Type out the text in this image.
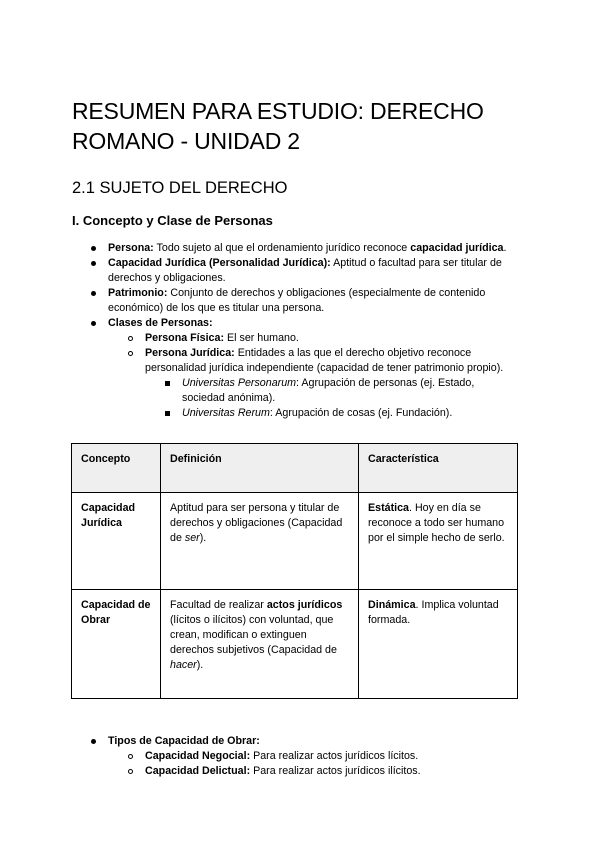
RESUMEN PARA ESTUDIO: DERECHO ROMANO - UNIDAD 2
2.1 SUJETO DEL DERECHO
I. Concepto y Clase de Personas
Persona: Todo sujeto al que el ordenamiento jurídico reconoce capacidad jurídica.
Capacidad Jurídica (Personalidad Jurídica): Aptitud o facultad para ser titular de
derechos y obligaciones.
Patrimonio: Conjunto de derechos y obligaciones (especialmente de contenido
económico) de los que es titular una persona.
Clases de Personas:
Persona Física: El ser humano.
Persona Jurídica: Entidades a las que el derecho objetivo reconoce
personalidad jurídica independiente (capacidad de tener patrimonio propio).
Universitas Personarum: Agrupación de personas (ej. Estado,
sociedad anónima).
Universitas Rerum: Agrupación de cosas (ej. Fundación).
Concepto	Definición	Característica
Capacidad Jurídica	Aptitud para ser persona y titular de derechos y obligaciones (Capacidad de ser).	Estática. Hoy en día se reconoce a todo ser humano por el simple hecho de serlo.
Capacidad de Obrar	Facultad de realizar actos jurídicos (lícitos o ilícitos) con voluntad, que crean, modifican o extinguen derechos subjetivos (Capacidad de hacer).	Dinámica. Implica voluntad formada.
Tipos de Capacidad de Obrar:
Capacidad Negocial: Para realizar actos jurídicos lícitos.
Capacidad Delictual: Para realizar actos jurídicos ilícitos.
